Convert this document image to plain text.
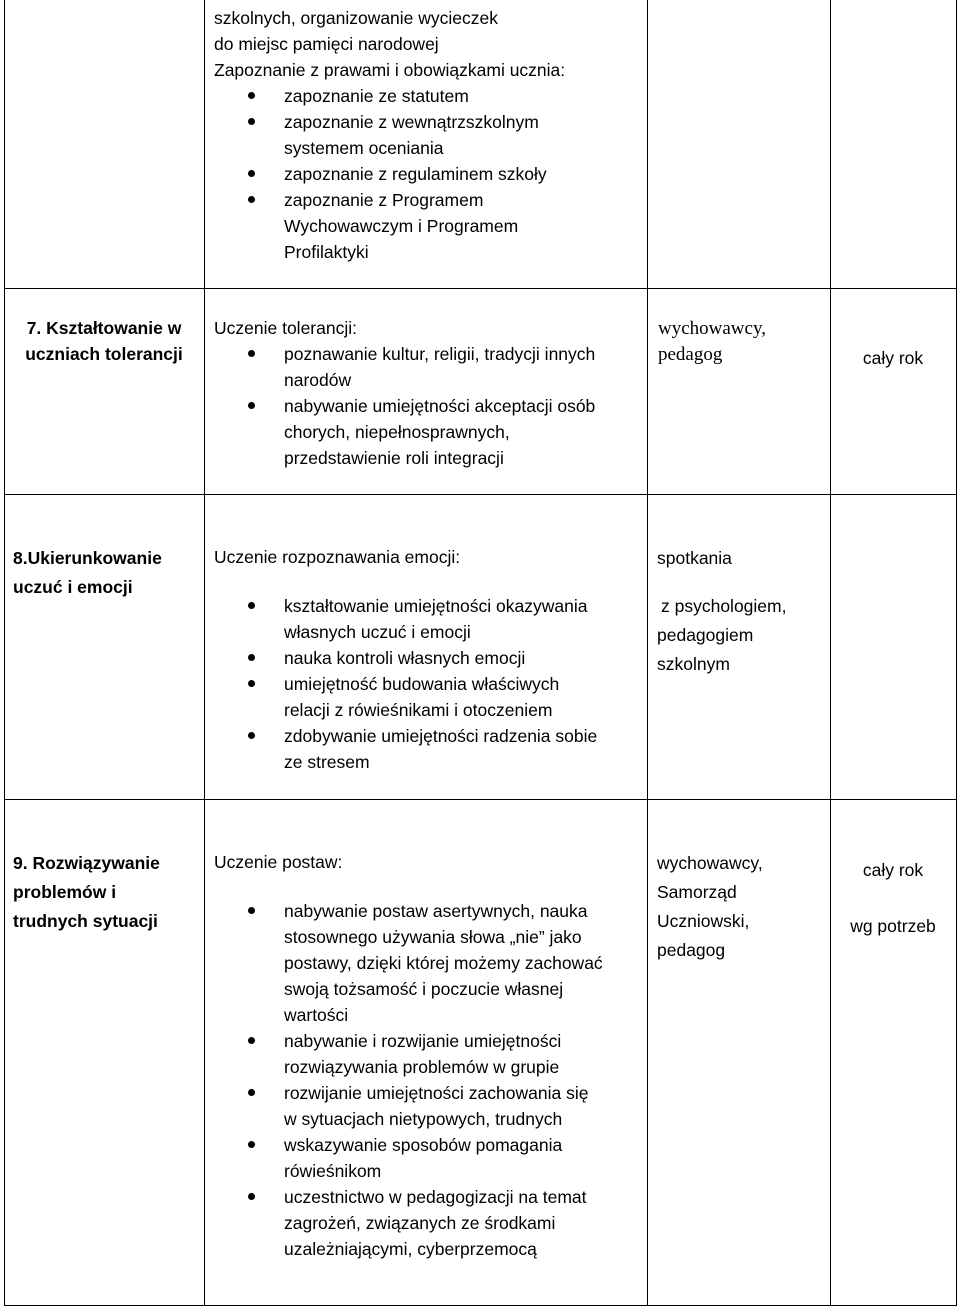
szkolnych, organizowanie wycieczek
do miejsc pamięci narodowej
Zapoznanie z prawami i obowiązkami ucznia:
zapoznanie ze statutem
zapoznanie z wewnątrzszkolnym
systemem oceniania
zapoznanie z regulaminem szkoły
zapoznanie z Programem
Wychowawczym i Programem
Profilaktyki
7. Kształtowanie w
uczniach tolerancji
Uczenie tolerancji:
poznawanie kultur, religii, tradycji innych
narodów
nabywanie umiejętności akceptacji osób
chorych, niepełnosprawnych,
przedstawienie roli integracji
wychowawcy,
pedagog	cały rok
8.Ukierunkowanie
uczuć i emocji
Uczenie rozpoznawania emocji:
kształtowanie umiejętności okazywania
własnych uczuć i emocji
nauka kontroli własnych emocji
umiejętność budowania właściwych
relacji z rówieśnikami i otoczeniem
zdobywanie umiejętności radzenia sobie
ze stresem
spotkania
z psychologiem,
pedagogiem
szkolnym
9. Rozwiązywanie
problemów i
trudnych sytuacji
Uczenie postaw:
nabywanie postaw asertywnych, nauka
stosownego używania słowa „nie” jako
postawy, dzięki której możemy zachować
swoją tożsamość i poczucie własnej
wartości
nabywanie i rozwijanie umiejętności
rozwiązywania problemów w grupie
rozwijanie umiejętności zachowania się
w sytuacjach nietypowych, trudnych
wskazywanie sposobów pomagania
rówieśnikom
uczestnictwo w pedagogizacji na temat
zagrożeń, związanych ze środkami
uzależniającymi, cyberprzemocą
wychowawcy,
Samorząd
Uczniowski,
pedagog
cały rok
wg potrzeb
